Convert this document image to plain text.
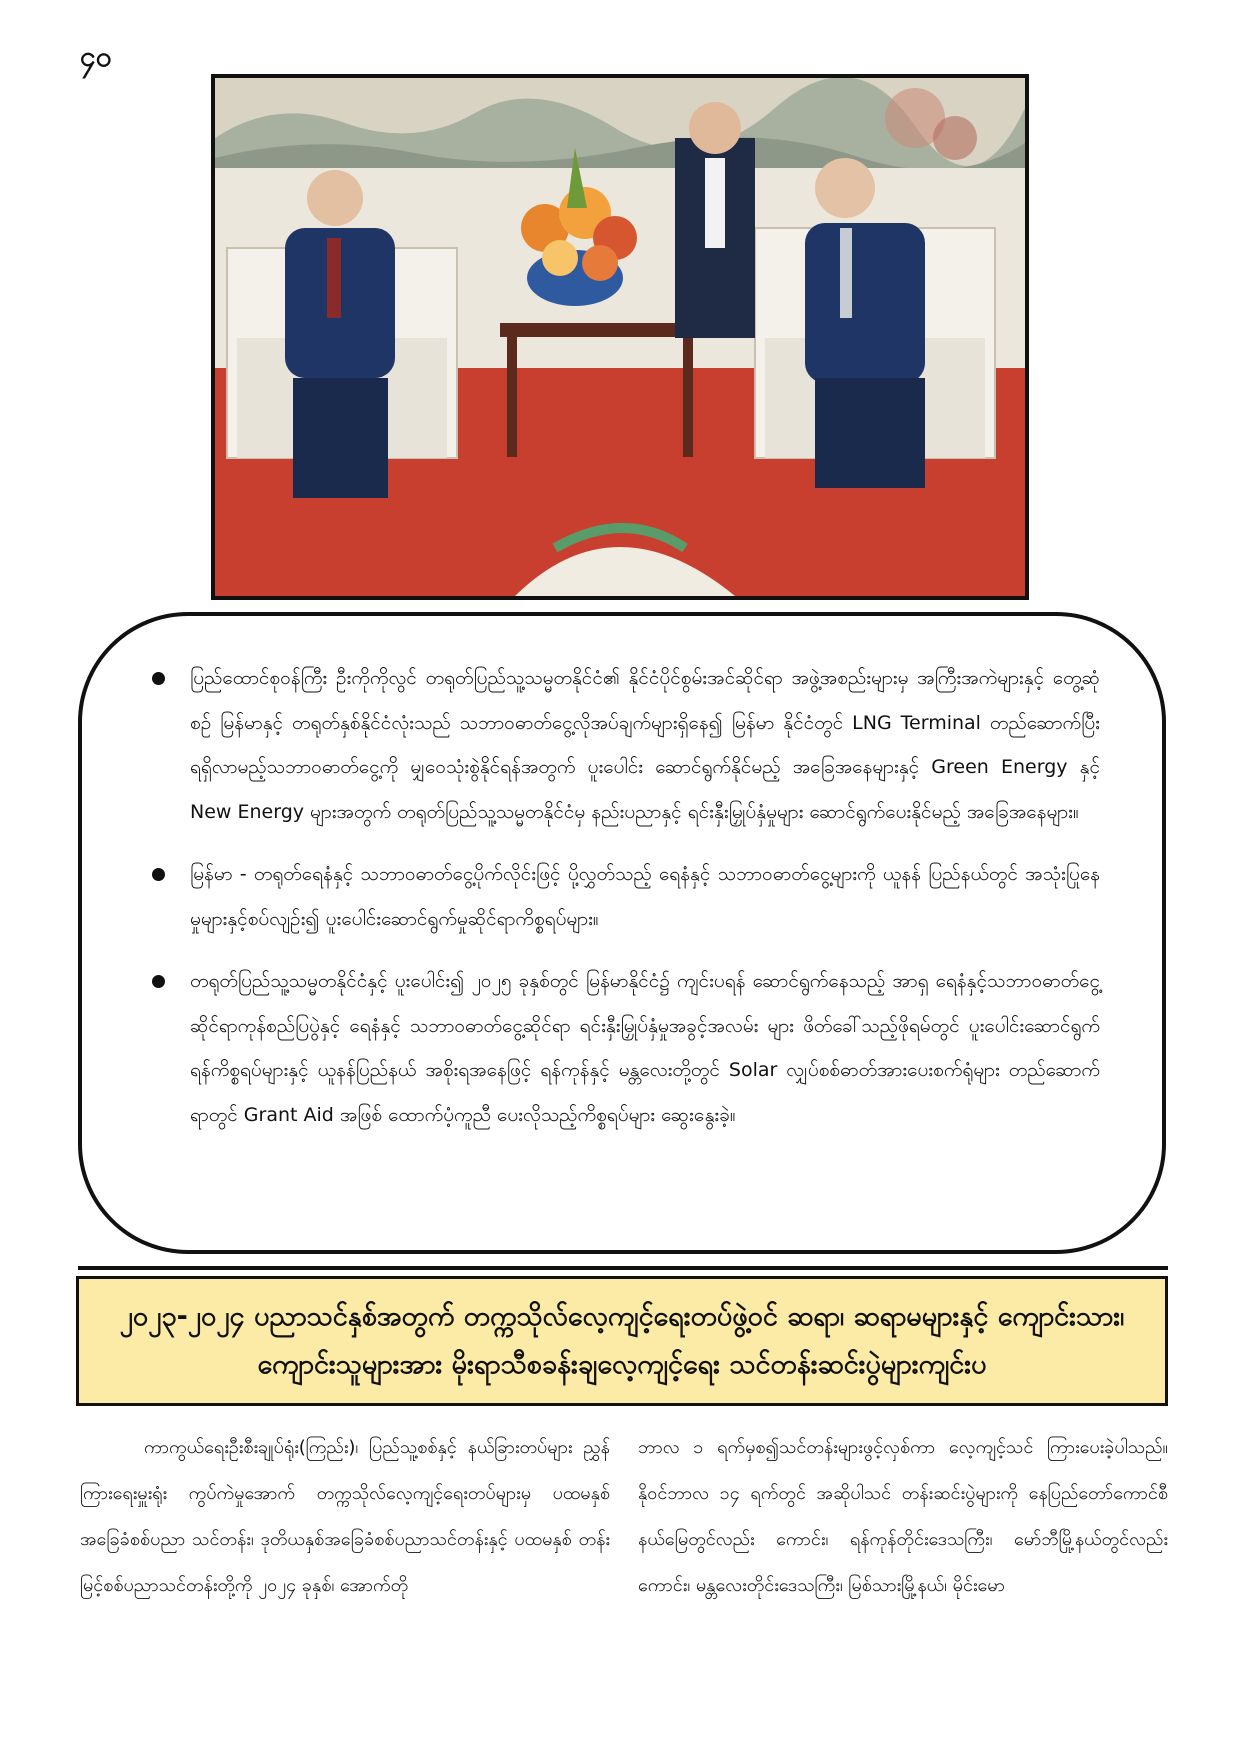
၄၀
ပြည်ထောင်စုဝန်ကြီး ဦးကိုကိုလွင် တရုတ်ပြည်သူ့သမ္မတနိုင်ငံ၏ နိုင်ငံပိုင်စွမ်းအင်ဆိုင်ရာ အဖွဲ့အစည်းများမှ အကြီးအကဲများနှင့် တွေ့ဆုံစဉ် မြန်မာနှင့် တရုတ်နှစ်နိုင်ငံလုံးသည် သဘာဝဓာတ်ငွေ့လိုအပ်ချက်များရှိနေ၍ မြန်မာ နိုင်ငံတွင် LNG Terminal တည်ဆောက်ပြီး ရရှိလာမည့်သဘာဝဓာတ်ငွေ့ကို မျှဝေသုံးစွဲနိုင်ရန်အတွက် ပူးပေါင်း ဆောင်ရွက်နိုင်မည့် အခြေအနေများနှင့် Green Energy နှင့် New Energy များအတွက် တရုတ်ပြည်သူ့သမ္မတနိုင်ငံမှ နည်းပညာနှင့် ရင်းနှီးမြှုပ်နှံမှုများ ဆောင်ရွက်ပေးနိုင်မည့် အခြေအနေများ။
မြန်မာ - တရုတ်ရေနံနှင့် သဘာဝဓာတ်ငွေ့ပိုက်လိုင်းဖြင့် ပို့လွှတ်သည့် ရေနံနှင့် သဘာဝဓာတ်ငွေ့များကို ယူနန် ပြည်နယ်တွင် အသုံးပြုနေမှုများနှင့်စပ်လျဉ်း၍ ပူးပေါင်းဆောင်ရွက်မှုဆိုင်ရာကိစ္စရပ်များ။
တရုတ်ပြည်သူ့သမ္မတနိုင်ငံနှင့် ပူးပေါင်း၍ ၂၀၂၅ ခုနှစ်တွင် မြန်မာနိုင်ငံ၌ ကျင်းပရန် ဆောင်ရွက်နေသည့် အာရှ ရေနံနှင့်သဘာဝဓာတ်ငွေ့ဆိုင်ရာကုန်စည်ပြပွဲနှင့် ရေနံနှင့် သဘာဝဓာတ်ငွေ့ဆိုင်ရာ ရင်းနှီးမြှုပ်နှံမှုအခွင့်အလမ်း များ ဖိတ်ခေါ်သည့်ဖိုရမ်တွင် ပူးပေါင်းဆောင်ရွက်ရန်ကိစ္စရပ်များနှင့် ယူနန်ပြည်နယ် အစိုးရအနေဖြင့် ရန်ကုန်နှင့် မန္တလေးတို့တွင် Solar လျှပ်စစ်ဓာတ်အားပေးစက်ရုံများ တည်ဆောက်ရာတွင် Grant Aid အဖြစ် ထောက်ပံ့ကူညီ ပေးလိုသည့်ကိစ္စရပ်များ ဆွေးနွေးခဲ့။
၂၀၂၃-၂၀၂၄ ပညာသင်နှစ်အတွက် တက္ကသိုလ်လေ့ကျင့်ရေးတပ်ဖွဲ့ဝင် ဆရာ၊ ဆရာမများနှင့် ကျောင်းသား၊ ကျောင်းသူများအား မိုးရာသီစခန်းချလေ့ကျင့်ရေး သင်တန်းဆင်းပွဲများကျင်းပ

ကာကွယ်ရေးဦးစီးချုပ်ရုံး(ကြည်း)၊ ပြည်သူ့စစ်နှင့် နယ်ခြားတပ်များ ညွှန်ကြားရေးမှူးရုံး ကွပ်ကဲမှုအောက် တက္ကသိုလ်လေ့ကျင့်ရေးတပ်များမှ ပထမနှစ်အခြေခံစစ်ပညာ သင်တန်း၊ ဒုတိယနှစ်အခြေခံစစ်ပညာသင်တန်းနှင့် ပထမနှစ် တန်းမြင့်စစ်ပညာသင်တန်းတို့ကို ၂၀၂၄ ခုနှစ်၊ အောက်တို

ဘာလ ၁ ရက်မှစ၍သင်တန်းများဖွင့်လှစ်ကာ လေ့ကျင့်သင် ကြားပေးခဲ့ပါသည်။ နိုဝင်ဘာလ ၁၄ ရက်တွင် အဆိုပါသင် တန်းဆင်းပွဲများကို နေပြည်တော်ကောင်စီနယ်မြေတွင်လည်း ကောင်း၊ ရန်ကုန်တိုင်းဒေသကြီး၊ မော်ဘီမြို့နယ်တွင်လည်း ကောင်း၊ မန္တလေးတိုင်းဒေသကြီး၊ မြစ်သားမြို့နယ်၊ မိုင်းမော
